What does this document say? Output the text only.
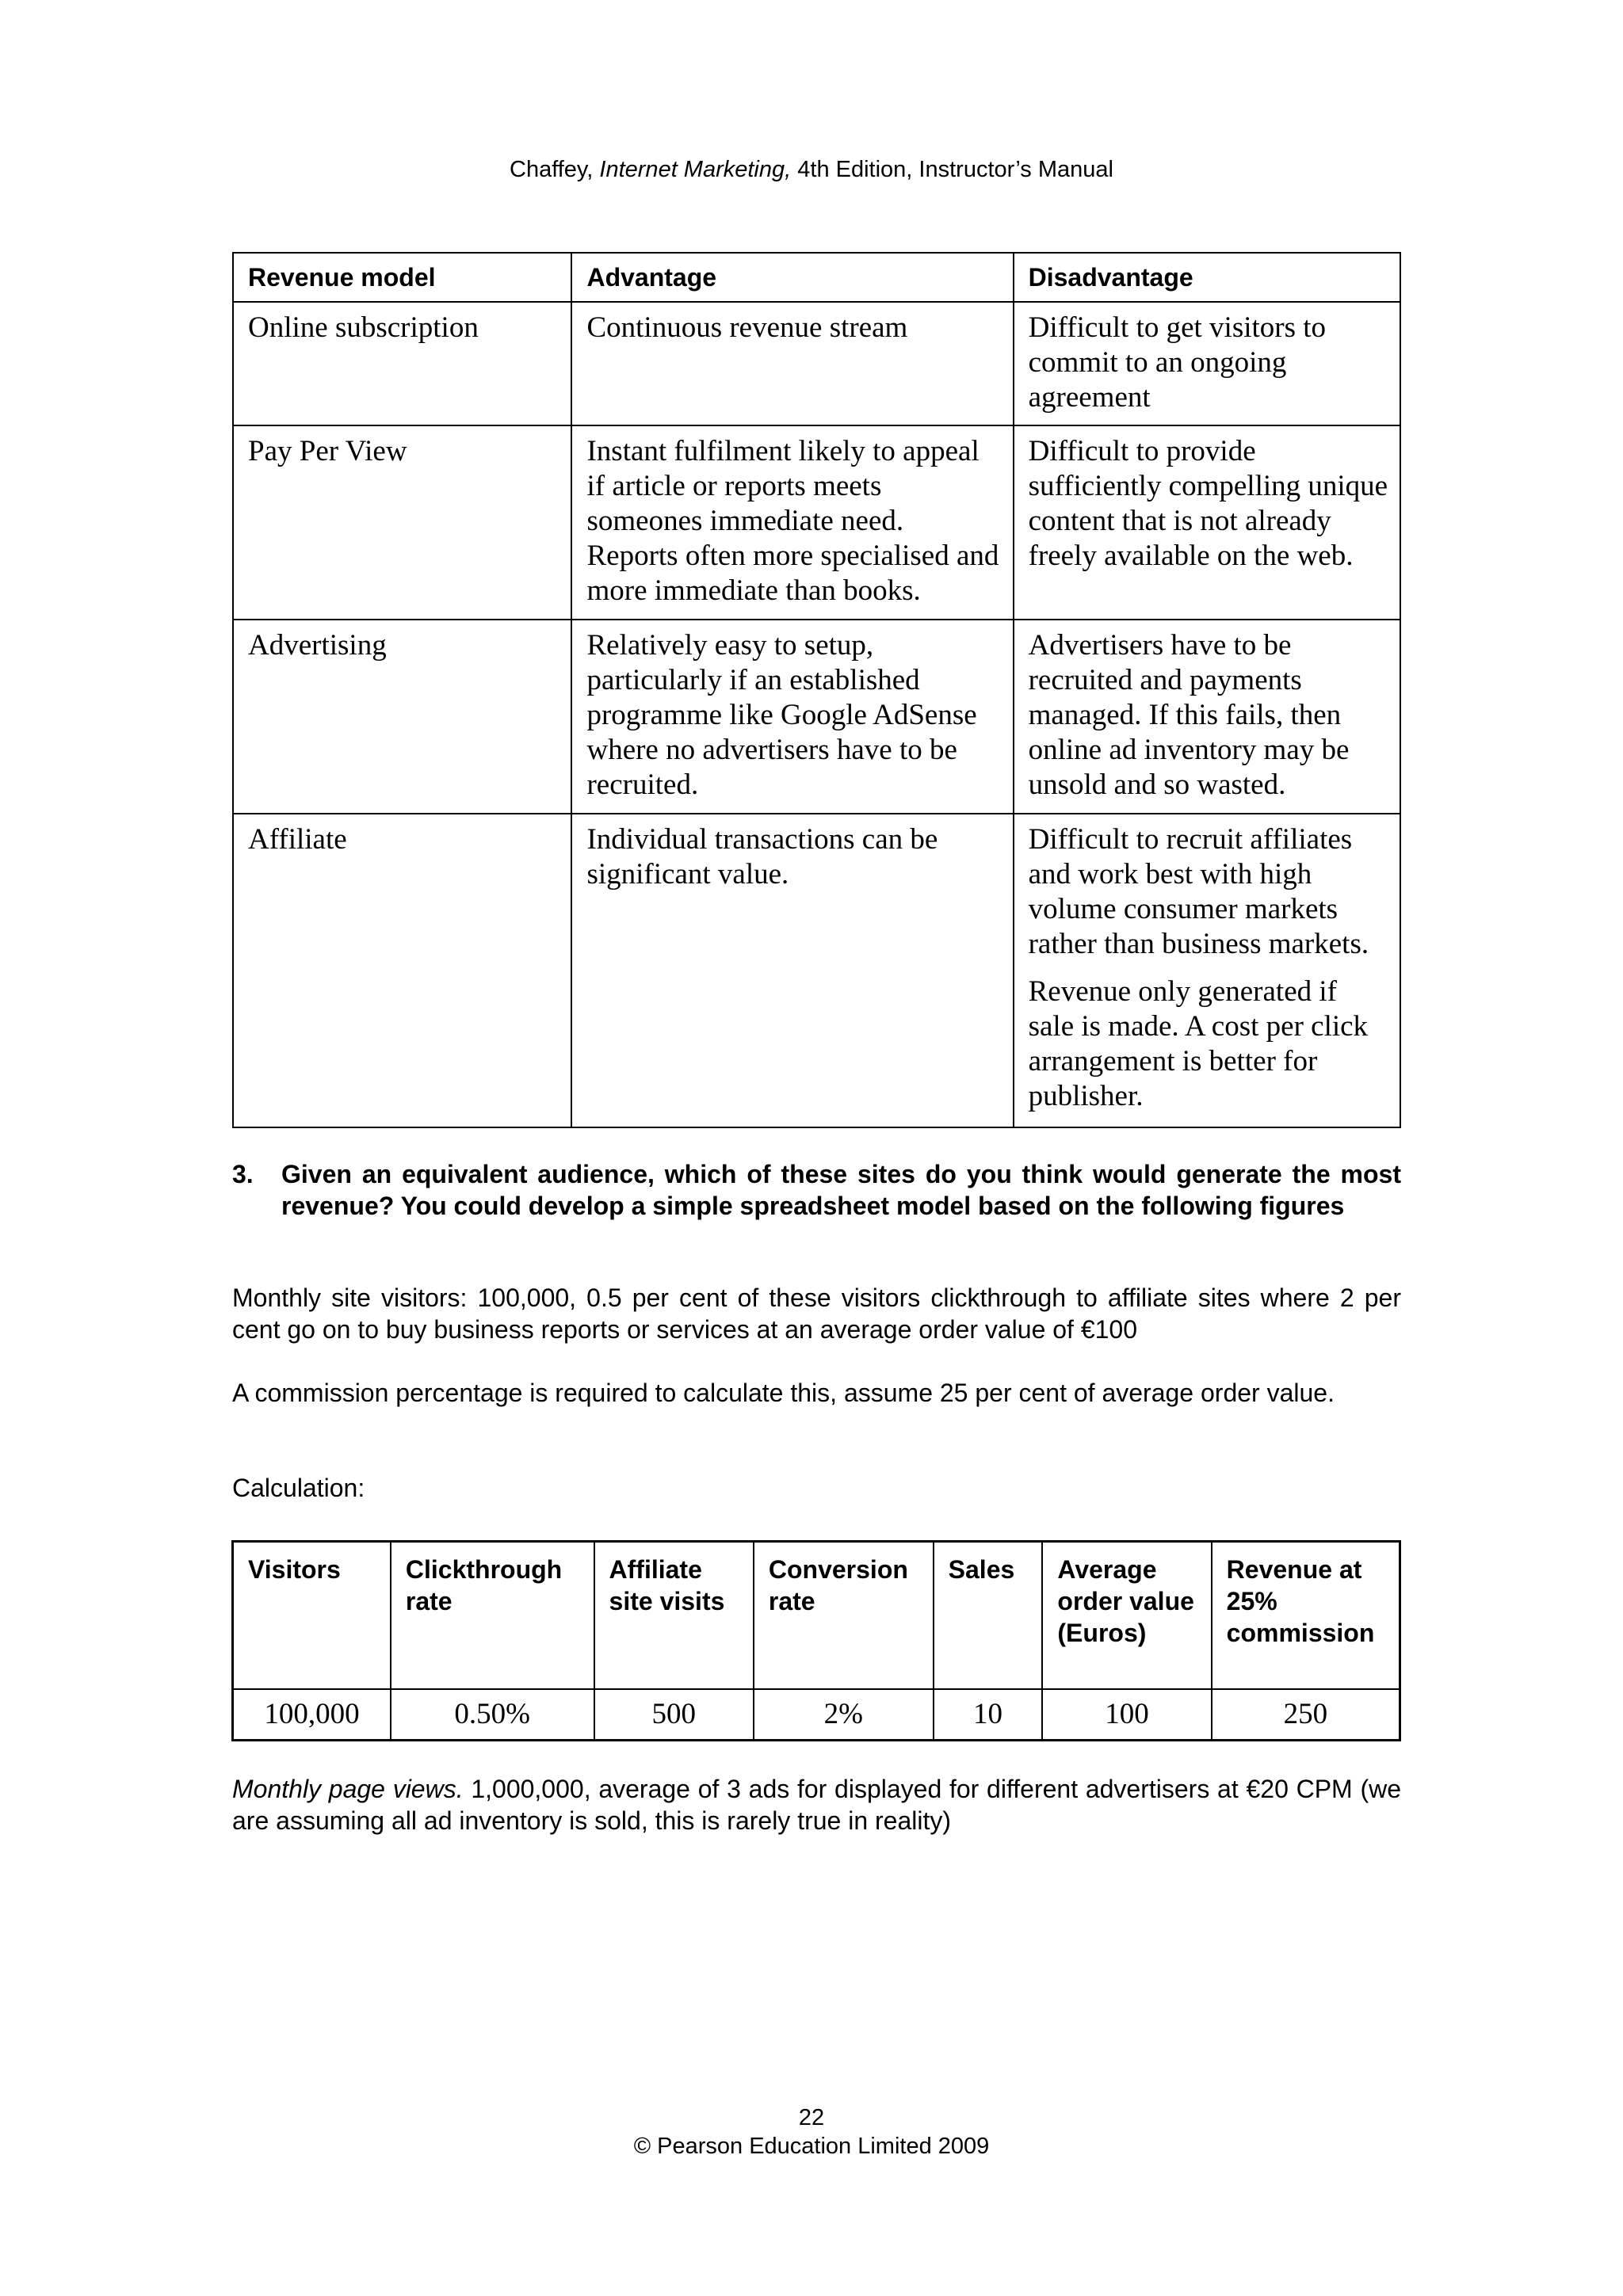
Chaffey, Internet Marketing, 4th Edition, Instructor’s Manual
Revenue model	Advantage	Disadvantage
Online subscription	Continuous revenue stream	Difficult to get visitors to commit to an ongoing agreement
Pay Per View	Instant fulfilment likely to appeal if article or reports meets someones immediate need. Reports often more specialised and more immediate than books.	Difficult to provide sufficiently compelling unique content that is not already freely available on the web.
Advertising	Relatively easy to setup, particularly if an established programme like Google AdSense where no advertisers have to be recruited.	Advertisers have to be recruited and payments managed. If this fails, then online ad inventory may be unsold and so wasted.
Affiliate	Individual transactions can be significant value.	Difficult to recruit affiliates and work best with high volume consumer markets rather than business markets.
Revenue only generated if sale is made. A cost per click arrangement is better for publisher.
3. Given an equivalent audience, which of these sites do you think would generate the most revenue? You could develop a simple spreadsheet model based on the following figures
Monthly site visitors: 100,000, 0.5 per cent of these visitors clickthrough to affiliate sites where 2 per cent go on to buy business reports or services at an average order value of €100
A commission percentage is required to calculate this, assume 25 per cent of average order value.
Calculation:
Visitors	Clickthrough rate	Affiliate site visits	Conversion rate	Sales	Average order value (Euros)	Revenue at 25% commission
100,000	0.50%	500	2%	10	100	250
Monthly page views. 1,000,000, average of 3 ads for displayed for different advertisers at €20 CPM (we are assuming all ad inventory is sold, this is rarely true in reality)
22
© Pearson Education Limited 2009
